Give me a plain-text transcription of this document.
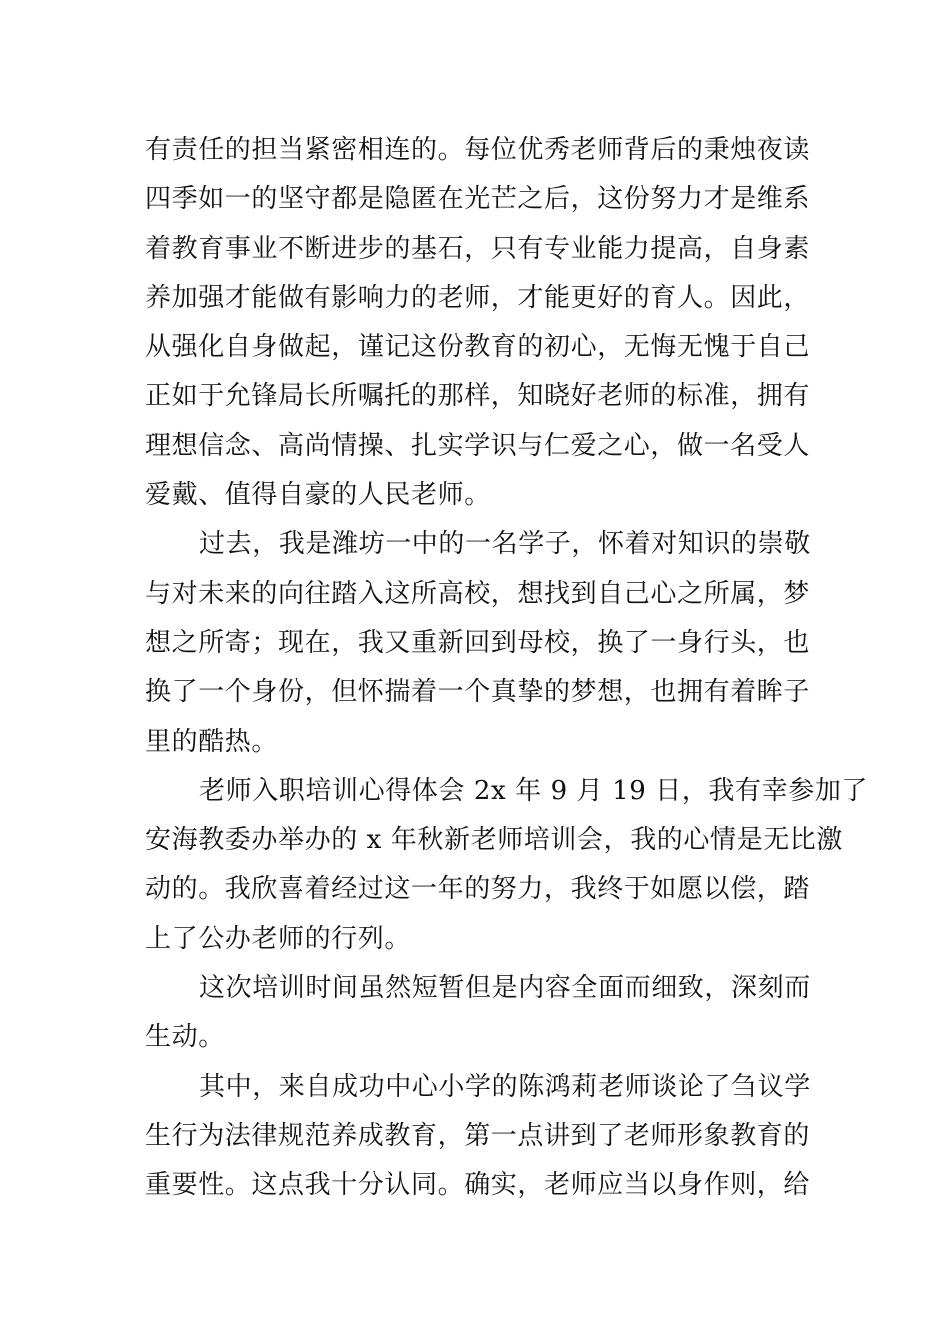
有责任的担当紧密相连的。每位优秀老师背后的秉烛夜读
四季如一的坚守都是隐匿在光芒之后，这份努力才是维系
着教育事业不断进步的基石，只有专业能力提高，自身素
养加强才能做有影响力的老师，才能更好的育人。因此，
从强化自身做起，谨记这份教育的初心，无悔无愧于自己
正如于允锋局长所嘱托的那样，知晓好老师的标准，拥有
理想信念、高尚情操、扎实学识与仁爱之心，做一名受人
爱戴、值得自豪的人民老师。
过去，我是潍坊一中的一名学子，怀着对知识的崇敬
与对未来的向往踏入这所高校，想找到自己心之所属，梦
想之所寄；现在，我又重新回到母校，换了一身行头，也
换了一个身份，但怀揣着一个真挚的梦想，也拥有着眸子
里的酷热。
老师入职培训心得体会 2x 年 9 月 19 日，我有幸参加了
安海教委办举办的 x 年秋新老师培训会，我的心情是无比激
动的。我欣喜着经过这一年的努力，我终于如愿以偿，踏
上了公办老师的行列。
这次培训时间虽然短暂但是内容全面而细致，深刻而
生动。
其中，来自成功中心小学的陈鸿莉老师谈论了刍议学
生行为法律规范养成教育，第一点讲到了老师形象教育的
重要性。这点我十分认同。确实，老师应当以身作则，给
